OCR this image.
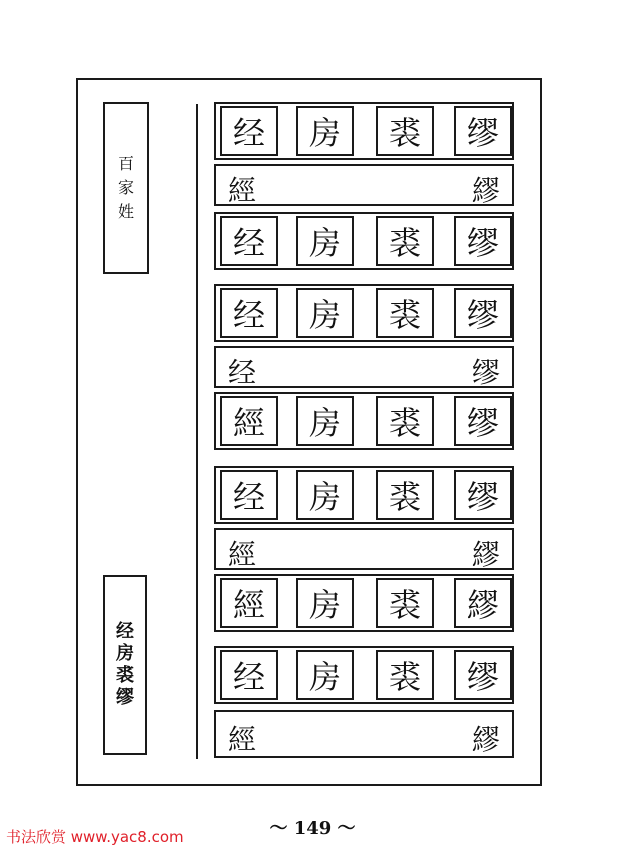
百
家
姓
经
房
裘
缪
经	房	裘	缪
經	繆
经	房	裘	缪
经	房	裘	缪
经	缪
經	房	裘	缪
经	房	裘	缪
經	繆
經	房	裘	繆
经	房	裘	缪
經	繆
～ 149 ～
书法欣赏 www.yac8.com
